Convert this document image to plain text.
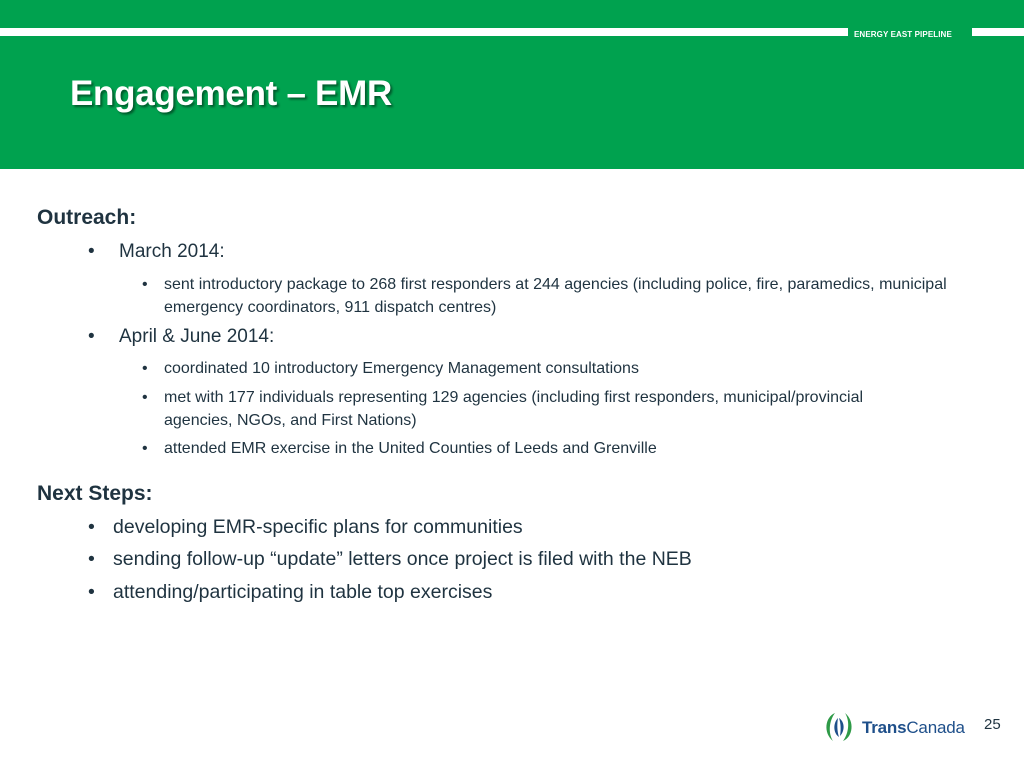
ENERGY EAST PIPELINE
Engagement – EMR
Outreach:
• March 2014:
• sent introductory package to 268 first responders at 244 agencies (including police, fire, paramedics, municipal emergency coordinators, 911 dispatch centres)
• April & June 2014:
• coordinated 10 introductory Emergency Management consultations
• met with 177 individuals representing 129 agencies (including first responders, municipal/provincial agencies, NGOs, and First Nations)
• attended EMR exercise in the United Counties of Leeds and Grenville
Next Steps:
• developing EMR-specific plans for communities
• sending follow-up “update” letters once project is filed with the NEB
• attending/participating in table top exercises
TransCanada 25
